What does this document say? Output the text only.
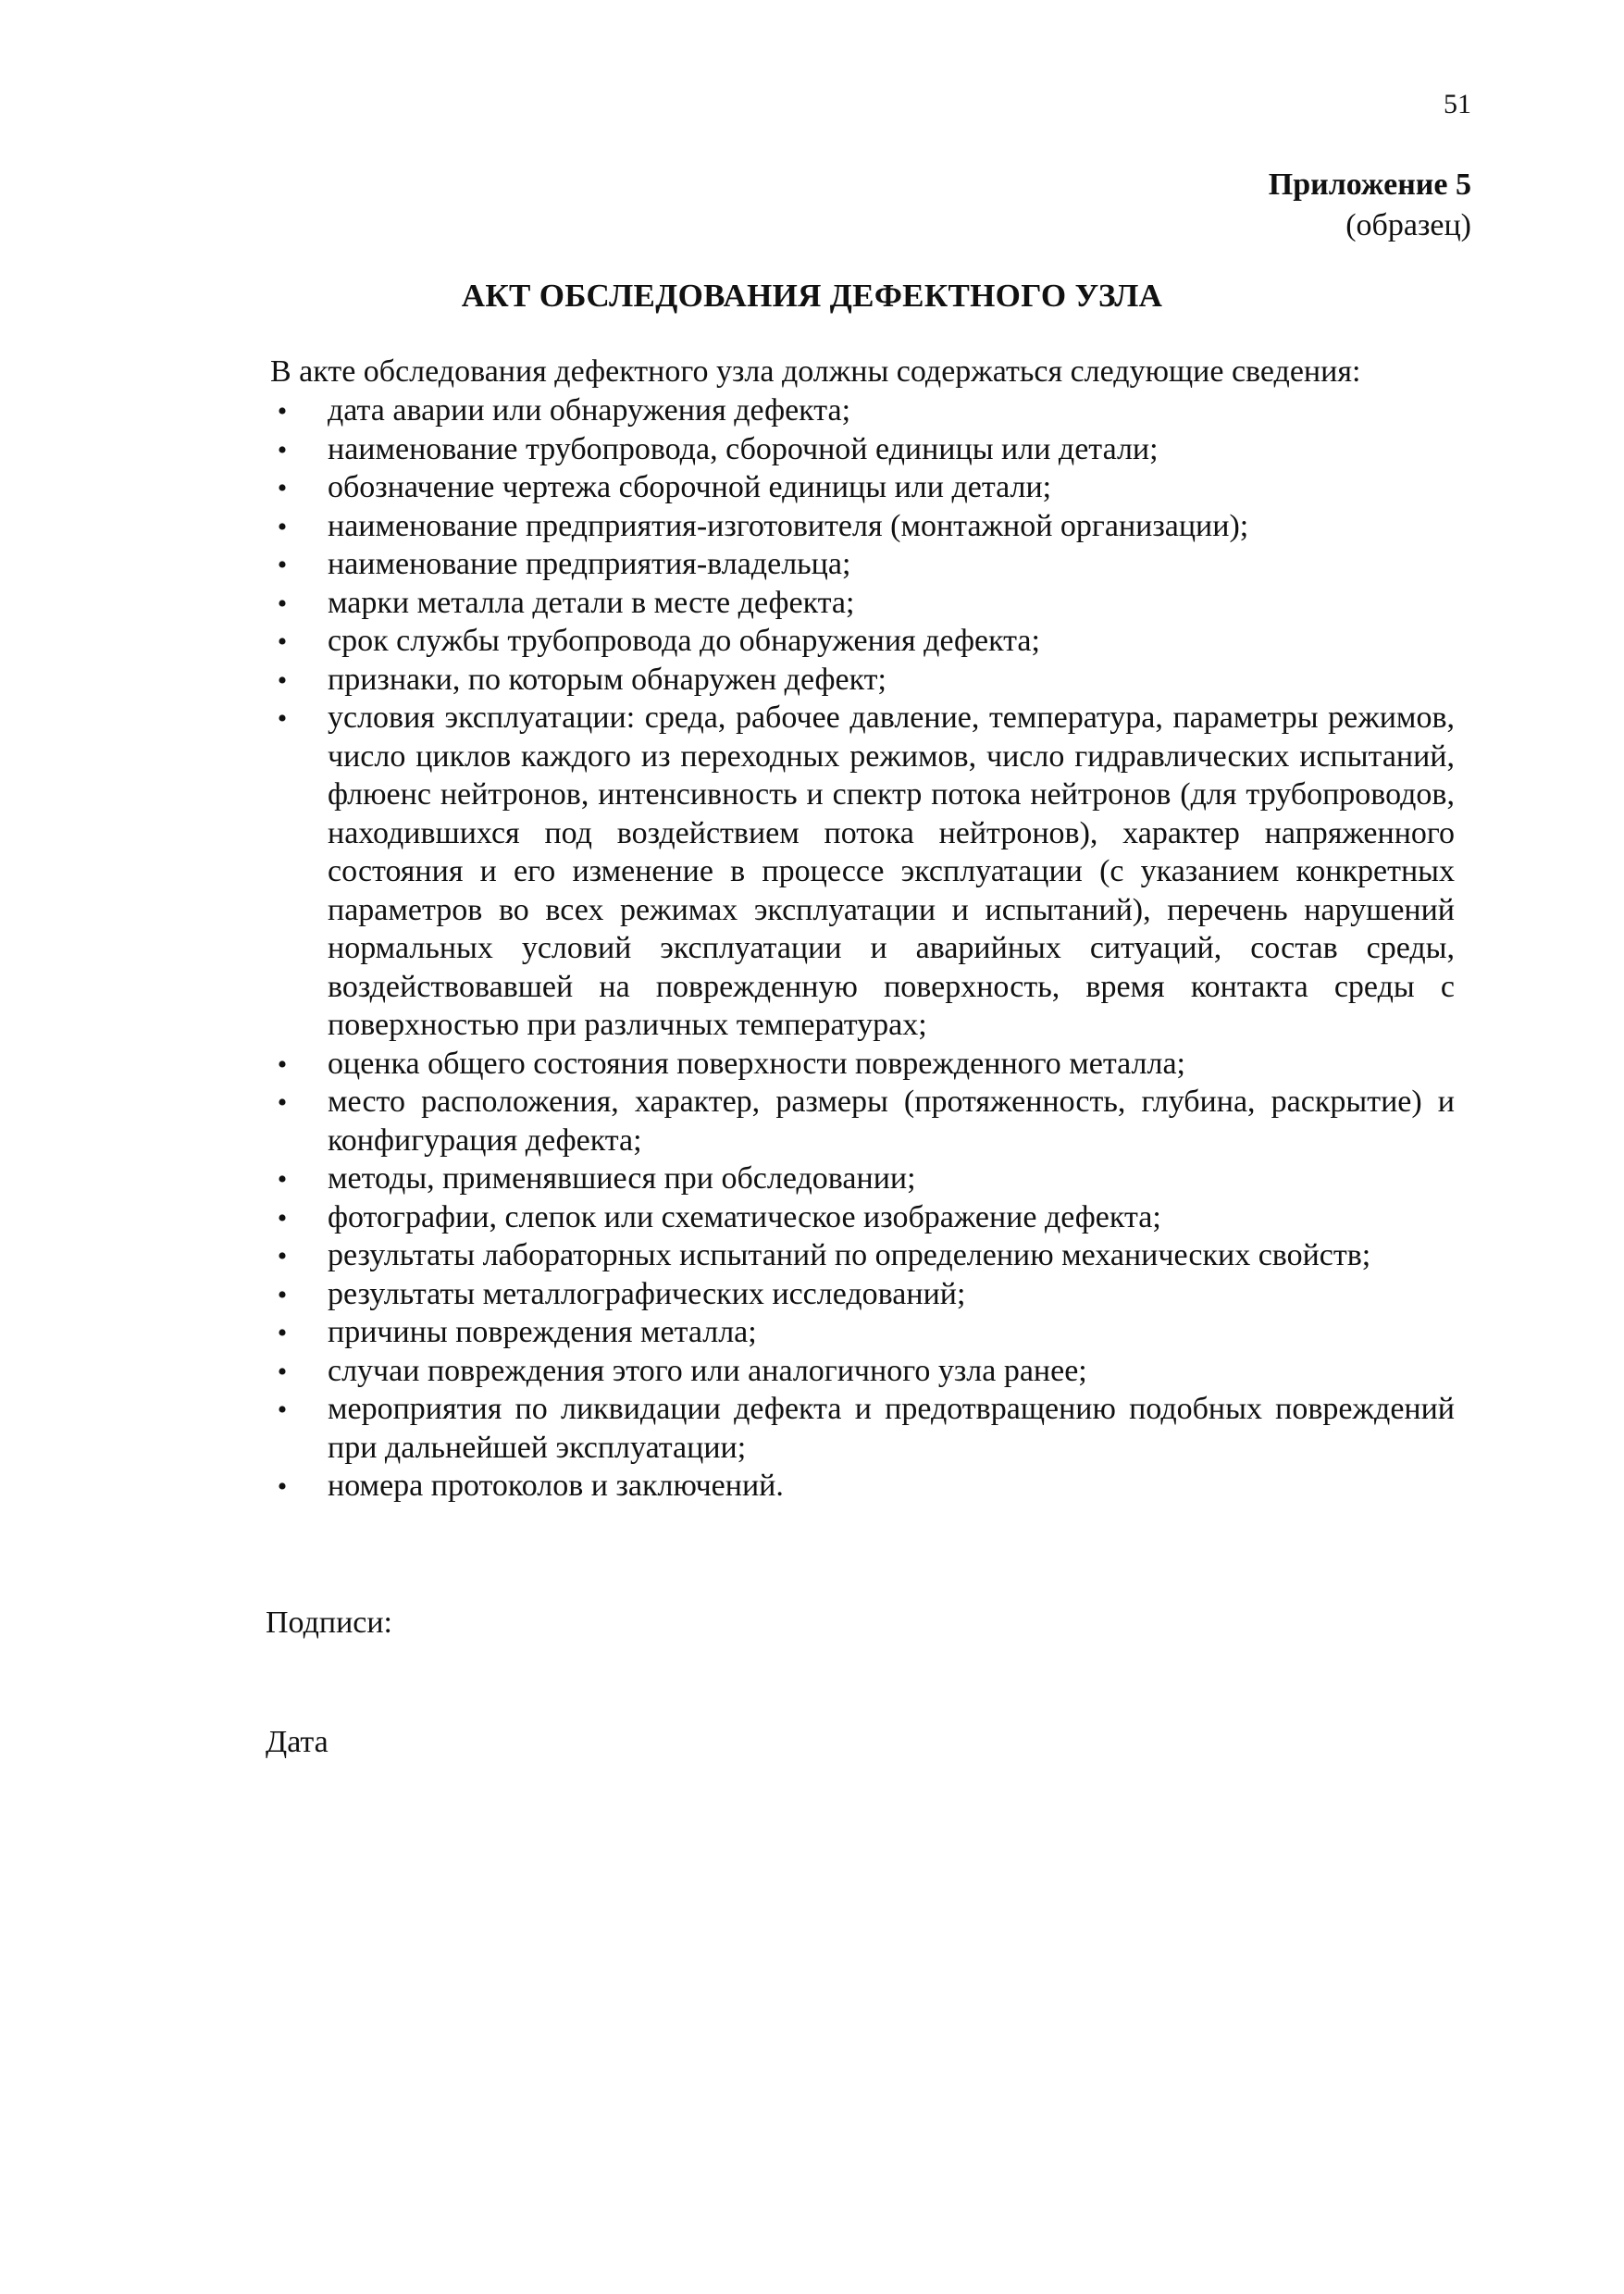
51
Приложение 5
(образец)
АКТ ОБСЛЕДОВАНИЯ ДЕФЕКТНОГО УЗЛА
В акте обследования дефектного узла должны содержаться следующие сведения:
•
дата аварии или обнаружения дефекта;
•
наименование трубопровода, сборочной единицы или детали;
•
обозначение чертежа сборочной единицы или детали;
•
наименование предприятия-изготовителя (монтажной организации);
•
наименование предприятия-владельца;
•
марки металла детали в месте дефекта;
•
срок службы трубопровода до обнаружения дефекта;
•
признаки, по которым обнаружен дефект;
•
условия эксплуатации: среда, рабочее давление, температура, параметры режимов, число циклов каждого из переходных режимов, число гидравлических испытаний, флюенс нейтронов, интенсивность и спектр потока нейтронов (для трубопроводов, находившихся под воздействием потока нейтронов), характер напряженного состояния и его изменение в процессе эксплуатации (с указанием конкретных параметров во всех режимах эксплуатации и испытаний), перечень нарушений нормальных условий эксплуатации и аварийных ситуаций, состав среды, воздействовавшей на поврежденную поверхность, время контакта среды с поверхностью при различных температурах;
•
оценка общего состояния поверхности поврежденного металла;
•
место расположения, характер, размеры (протяженность, глубина, раскрытие) и конфигурация дефекта;
•
методы, применявшиеся при обследовании;
•
фотографии, слепок или схематическое изображение дефекта;
•
результаты лабораторных испытаний по определению механических свойств;
•
результаты металлографических исследований;
•
причины повреждения металла;
•
случаи повреждения этого или аналогичного узла ранее;
•
мероприятия по ликвидации дефекта и предотвращению подобных повреждений при дальнейшей эксплуатации;
•
номера протоколов и заключений.
Подписи:
Дата
